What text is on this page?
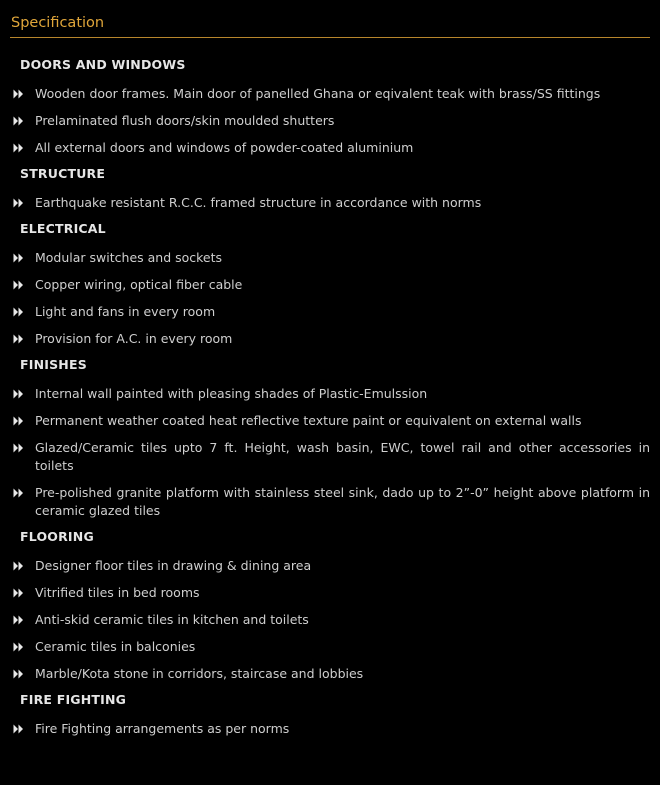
Specification
DOORS AND WINDOWS
Wooden door frames. Main door of panelled Ghana or eqivalent teak with brass/SS fittings
Prelaminated flush doors/skin moulded shutters
All external doors and windows of powder-coated aluminium
STRUCTURE
Earthquake resistant R.C.C. framed structure in accordance with norms
ELECTRICAL
Modular switches and sockets
Copper wiring, optical fiber cable
Light and fans in every room
Provision for A.C. in every room
FINISHES
Internal wall painted with pleasing shades of Plastic-Emulssion
Permanent weather coated heat reflective texture paint or equivalent on external walls
Glazed/Ceramic tiles upto 7 ft. Height, wash basin, EWC, towel rail and other accessories in toilets
Pre-polished granite platform with stainless steel sink, dado up to 2”-0” height above platform in ceramic glazed tiles
FLOORING
Designer floor tiles in drawing & dining area
Vitrified tiles in bed rooms
Anti-skid ceramic tiles in kitchen and toilets
Ceramic tiles in balconies
Marble/Kota stone in corridors, staircase and lobbies
FIRE FIGHTING
Fire Fighting arrangements as per norms
